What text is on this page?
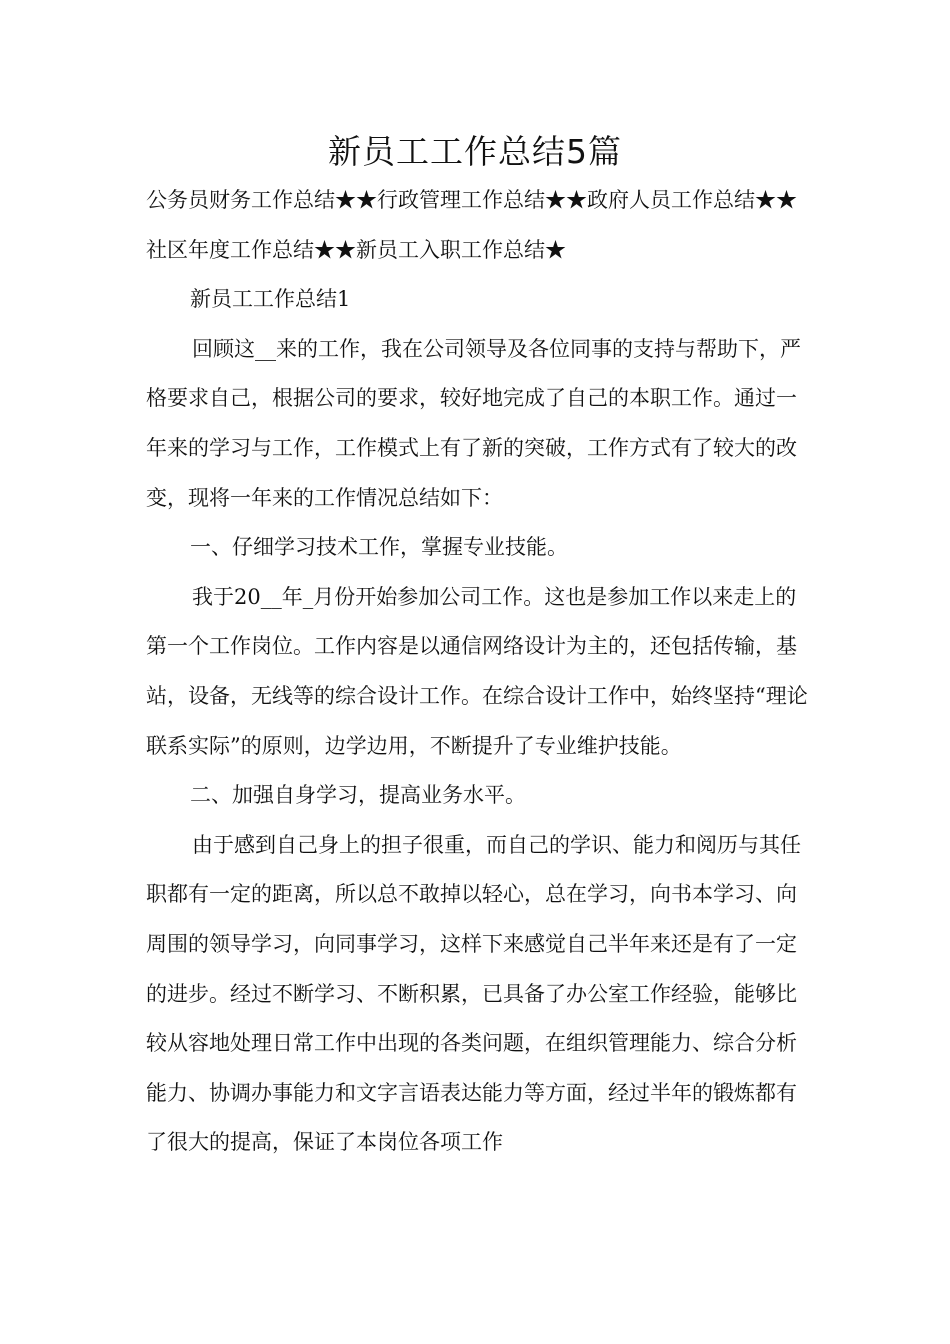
新员工工作总结5篇

公务员财务工作总结★★行政管理工作总结★★政府人员工作总结★★社区年度工作总结★★新员工入职工作总结★

新员工工作总结1

回顾这__来的工作，我在公司领导及各位同事的支持与帮助下，严格要求自己，根据公司的要求，较好地完成了自己的本职工作。通过一年来的学习与工作，工作模式上有了新的突破，工作方式有了较大的改变，现将一年来的工作情况总结如下：

一、仔细学习技术工作，掌握专业技能。

我于20__年_月份开始参加公司工作。这也是参加工作以来走上的第一个工作岗位。工作内容是以通信网络设计为主的，还包括传输，基站，设备，无线等的综合设计工作。在综合设计工作中，始终坚持“理论联系实际”的原则，边学边用，不断提升了专业维护技能。

二、加强自身学习，提高业务水平。

由于感到自己身上的担子很重，而自己的学识、能力和阅历与其任职都有一定的距离，所以总不敢掉以轻心，总在学习，向书本学习、向周围的领导学习，向同事学习，这样下来感觉自己半年来还是有了一定的进步。经过不断学习、不断积累，已具备了办公室工作经验，能够比较从容地处理日常工作中出现的各类问题，在组织管理能力、综合分析能力、协调办事能力和文字言语表达能力等方面，经过半年的锻炼都有了很大的提高，保证了本岗位各项工作
